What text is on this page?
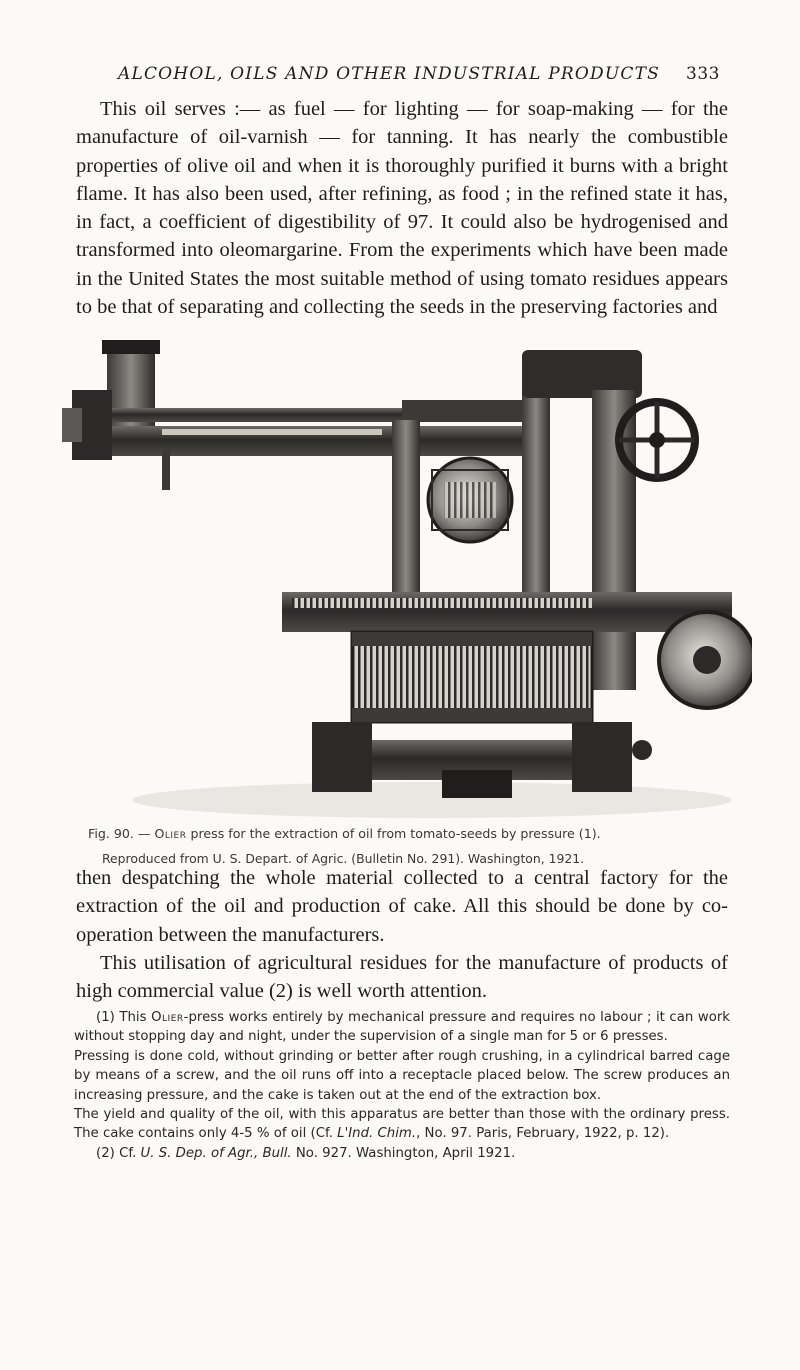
ALCOHOL, OILS AND OTHER INDUSTRIAL PRODUCTS 333

This oil serves :— as fuel — for lighting — for soap-making — for the manufacture of oil-varnish — for tanning. It has nearly the combustible properties of olive oil and when it is thoroughly purified it burns with a bright flame. It has also been used, after refining, as food ; in the refined state it has, in fact, a coefficient of digestibility of 97. It could also be hydrogenised and transformed into oleomargarine. From the experiments which have been made in the United States the most suitable method of using tomato residues appears to be that of separating and collecting the seeds in the preserving factories and

Fig. 90. — Olier press for the extraction of oil from tomato-seeds by pressure (1).
Reproduced from U. S. Depart. of Agric. (Bulletin No. 291). Washington, 1921.

then despatching the whole material collected to a central factory for the extraction of the oil and production of cake. All this should be done by co-operation between the manufacturers.

This utilisation of agricultural residues for the manufacture of products of high commercial value (2) is well worth attention.

(1) This Olier-press works entirely by mechanical pressure and requires no labour ; it can work without stopping day and night, under the supervision of a single man for 5 or 6 presses.

Pressing is done cold, without grinding or better after rough crushing, in a cylindrical barred cage by means of a screw, and the oil runs off into a receptacle placed below. The screw produces an increasing pressure, and the cake is taken out at the end of the extraction box.

The yield and quality of the oil, with this apparatus are better than those with the ordinary press. The cake contains only 4-5 % of oil (Cf. L'Ind. Chim., No. 97. Paris, February, 1922, p. 12).

(2) Cf. U. S. Dep. of Agr., Bull. No. 927. Washington, April 1921.
